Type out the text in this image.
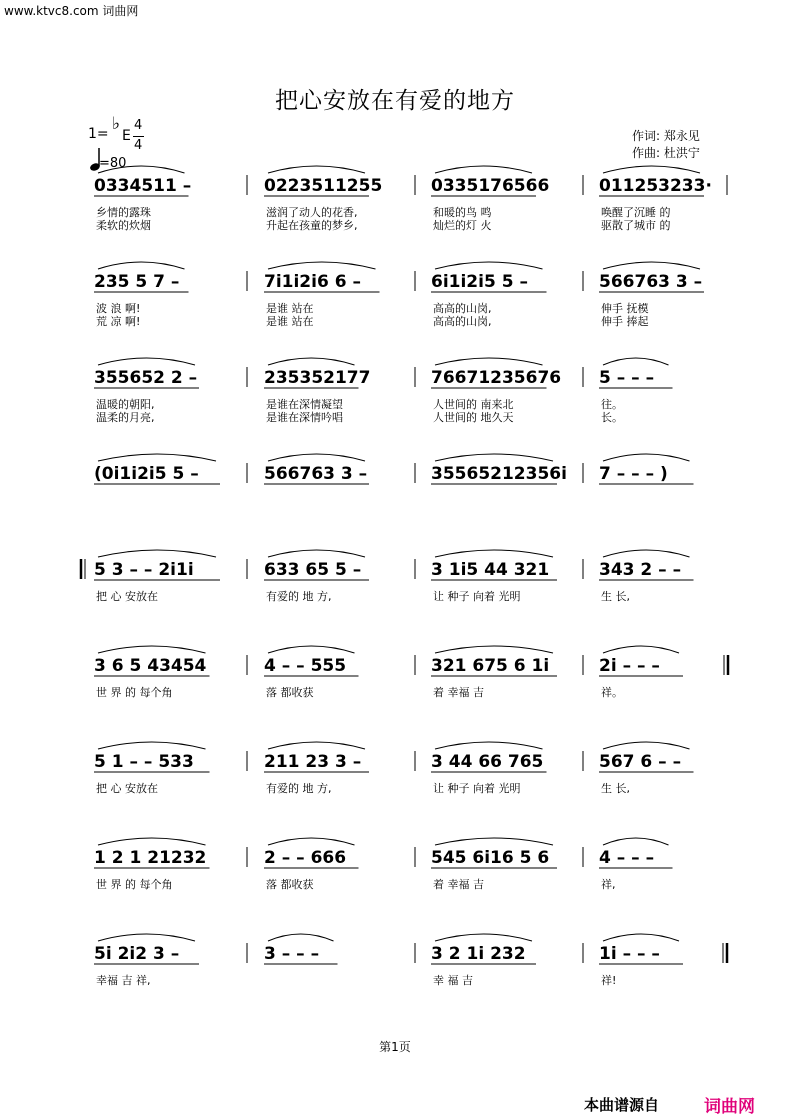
www.ktvc8.com 词曲网
把心安放在有爱的地方
1= ♭
E
4
4
=80
作词: 郑永见
作曲: 杜洪宁
0334511 –
乡情的露珠
柔软的炊烟
0223511255
滋润了动人的花香,
升起在孩童的梦乡,
0335176566
和暖的鸟 鸣
灿烂的灯 火
011253233·
唤醒了沉睡 的
驱散了城市 的
235 5 7 –
波 浪 啊!
荒 凉 啊!
7i1i2i6 6 –
是谁 站在
是谁 站在
6i1i2i5 5 –
高高的山岗,
高高的山岗,
566763 3 –
伸手 抚模
伸手 捧起
355652 2 –
温暖的朝阳,
温柔的月亮,
235352177
是谁在深情凝望
是谁在深情吟唱
76671235676
人世间的 南来北
人世间的 地久天
5 – – –
往。
长。
(0i1i2i5 5 –	566763 3 –	35565212356i 7 – – – )
5 3 – – 2i1i
把 心 安放在
633 65 5 –
有爱的 地 方,
3 1i5 44 321
让 种子 向着 光明
343 2 – –
生 长,
3 6 5 43454
世 界 的 每个角
4 – – 555
落 都收获
321 675 6 1i
着 幸福 吉
2i – – –
祥。
5 1 – – 533
把 心 安放在
211 23 3 –
有爱的 地 方,
3 44 66 765
让 种子 向着 光明
567 6 – –
生 长,
1 2 1 21232
世 界 的 每个角
2 – – 666
落 都收获
545 6i16 5 6
着 幸福 吉
4 – – –
祥,
5i 2i2 3 –
幸福 吉 祥,
3 – – –	3 2 1i 232
幸 福 吉
1i – – –
祥!
第1页
本曲谱源自	词曲网
